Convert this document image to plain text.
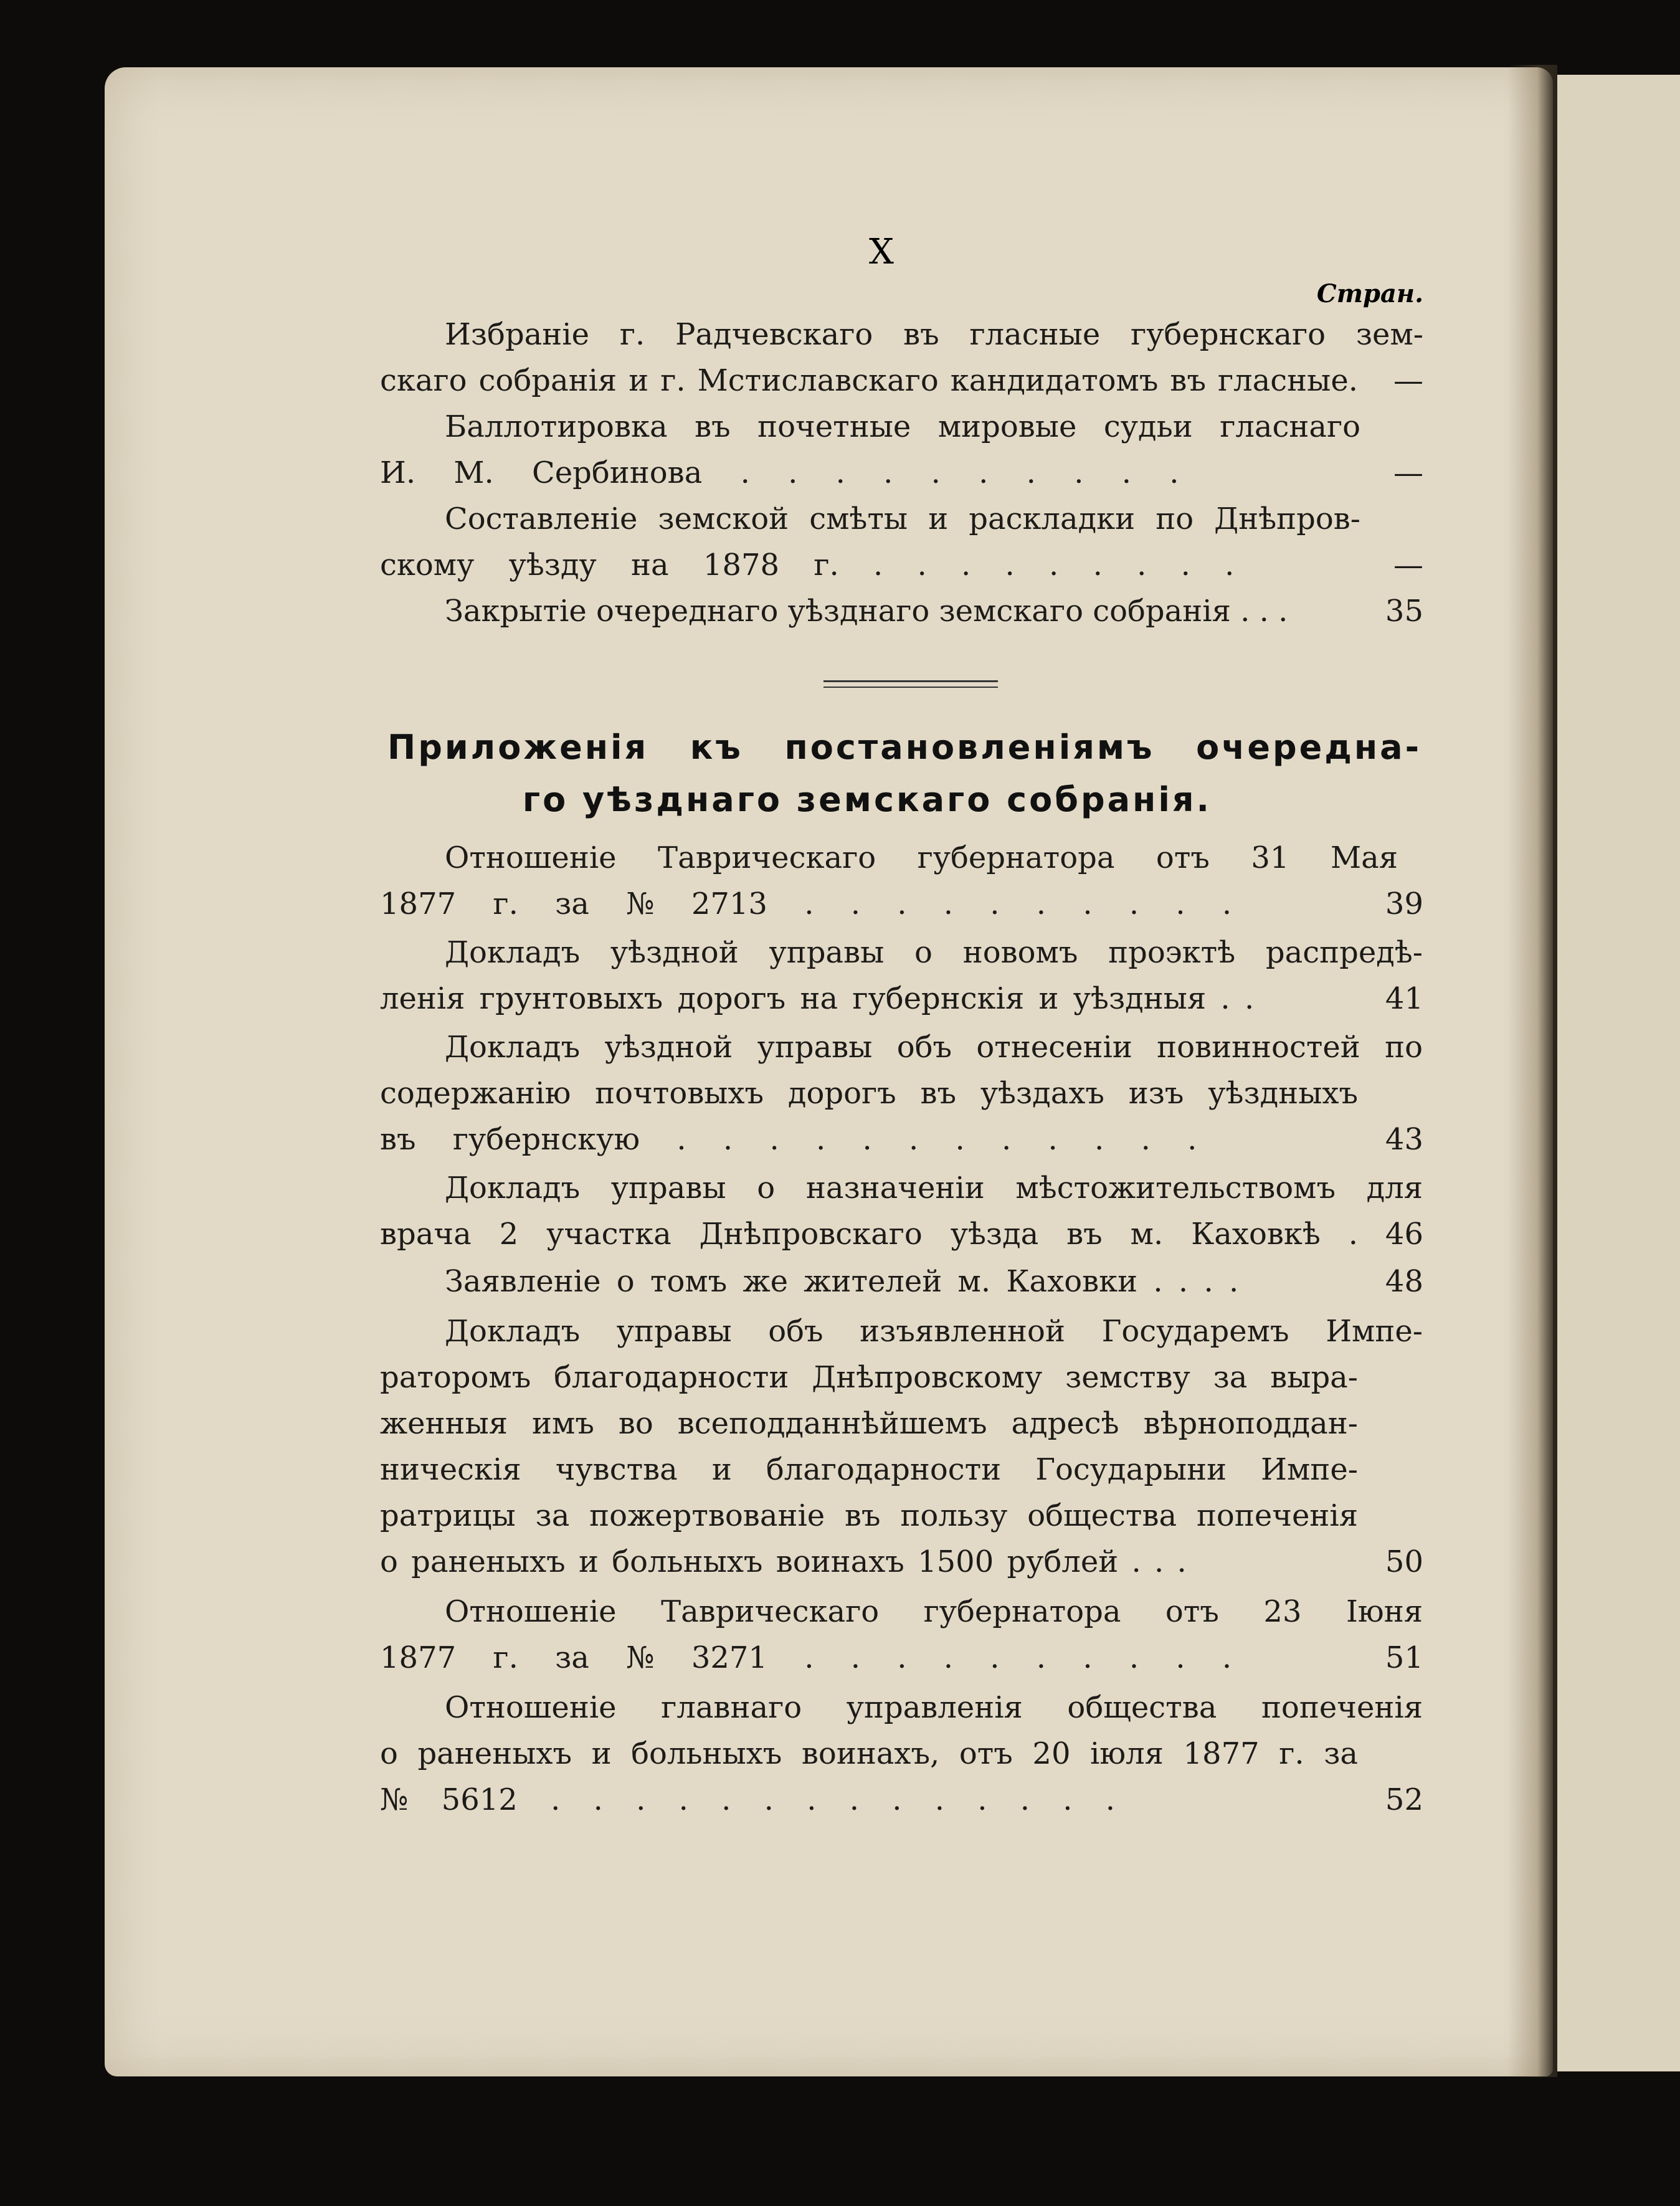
X
Стран.
Избраніе г. Радчевскаго въ гласные губернскаго зем-
скаго собранія и г. Мстиславскаго кандидатомъ въ гласные.	—
Баллотировка въ почетные мировые судьи гласнаго
И. М. Сербинова . . . . . . . . . .	—
Составленіе земской смѣты и раскладки по Днѣпров-
скому уѣзду на 1878 г. . . . . . . . . .	—
Закрытіе очереднаго уѣзднаго земскаго собранія . . .	35
Приложенія къ постановленіямъ очередна-
го уѣзднаго земскаго собранія.
Отношеніе Таврическаго губернатора отъ 31 Мая
1877 г. за № 2713 . . . . . . . . . .	39
Докладъ уѣздной управы о новомъ проэктѣ распредѣ-
ленія грунтовыхъ дорогъ на губернскія и уѣздныя . .	41
Докладъ уѣздной управы объ отнесеніи повинностей по
содержанію почтовыхъ дорогъ въ уѣздахъ изъ уѣздныхъ
въ губернскую . . . . . . . . . . . .	43
Докладъ управы о назначеніи мѣстожительствомъ для
врача 2 участка Днѣпровскаго уѣзда въ м. Каховкѣ . 46
Заявленіе о томъ же жителей м. Каховки . . . .	48
Докладъ управы объ изъявленной Государемъ Импе-
раторомъ благодарности Днѣпровскому земству за выра-
женныя имъ во всеподданнѣйшемъ адресѣ вѣрноподдан-
ническія чувства и благодарности Государыни Импе-
ратрицы за пожертвованіе въ пользу общества попеченія
о раненыхъ и больныхъ воинахъ 1500 рублей . . .	50
Отношеніе Таврическаго губернатора отъ 23 Іюня
1877 г. за № 3271 . . . . . . . . . .	51
Отношеніе главнаго управленія общества попеченія
о раненыхъ и больныхъ воинахъ, отъ 20 іюля 1877 г. за
№ 5612 . . . . . . . . . . . . . .	52
